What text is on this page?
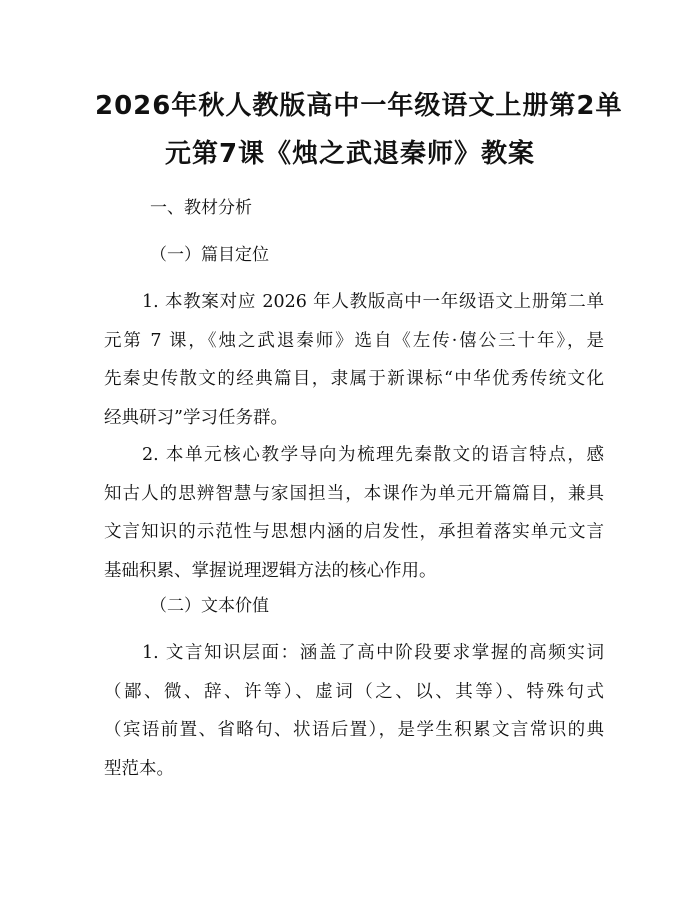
2026年秋人教版高中一年级语文上册第2单
元第7课《烛之武退秦师》教案

一、教材分析

（一）篇目定位

1. 本教案对应 2026 年人教版高中一年级语文上册第二单
元第 7 课，《烛之武退秦师》选自《左传·僖公三十年》，是
先秦史传散文的经典篇目，隶属于新课标“中华优秀传统文化
经典研习”学习任务群。
2. 本单元核心教学导向为梳理先秦散文的语言特点，感
知古人的思辨智慧与家国担当，本课作为单元开篇篇目，兼具
文言知识的示范性与思想内涵的启发性，承担着落实单元文言
基础积累、掌握说理逻辑方法的核心作用。

（二）文本价值

1. 文言知识层面：涵盖了高中阶段要求掌握的高频实词
（鄙、微、辞、许等）、虚词（之、以、其等）、特殊句式
（宾语前置、省略句、状语后置），是学生积累文言常识的典
型范本。
